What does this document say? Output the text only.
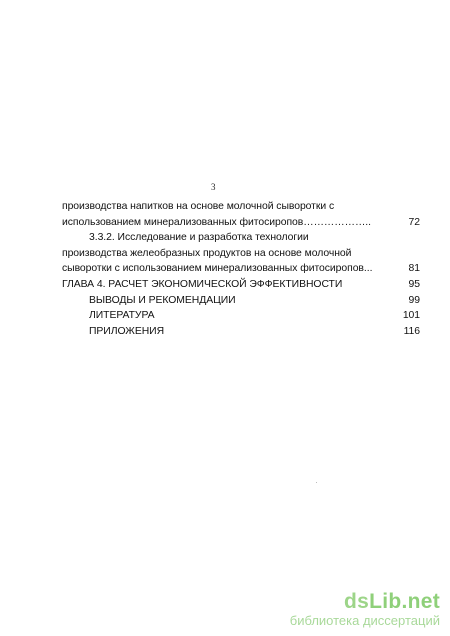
3
производства напитков на основе молочной сыворотки с
использованием минерализованных фитосиропов………………..	72
3.3.2. Исследование и разработка технологии
производства желеобразных продуктов на основе молочной
сыворотки с использованием минерализованных фитосиропов...	81
ГЛАВА 4. РАСЧЕТ ЭКОНОМИЧЕСКОЙ ЭФФЕКТИВНОСТИ	95
ВЫВОДЫ И РЕКОМЕНДАЦИИ	99
ЛИТЕРАТУРА	101
ПРИЛОЖЕНИЯ	116
dsLib.net
библиотека диссертаций
